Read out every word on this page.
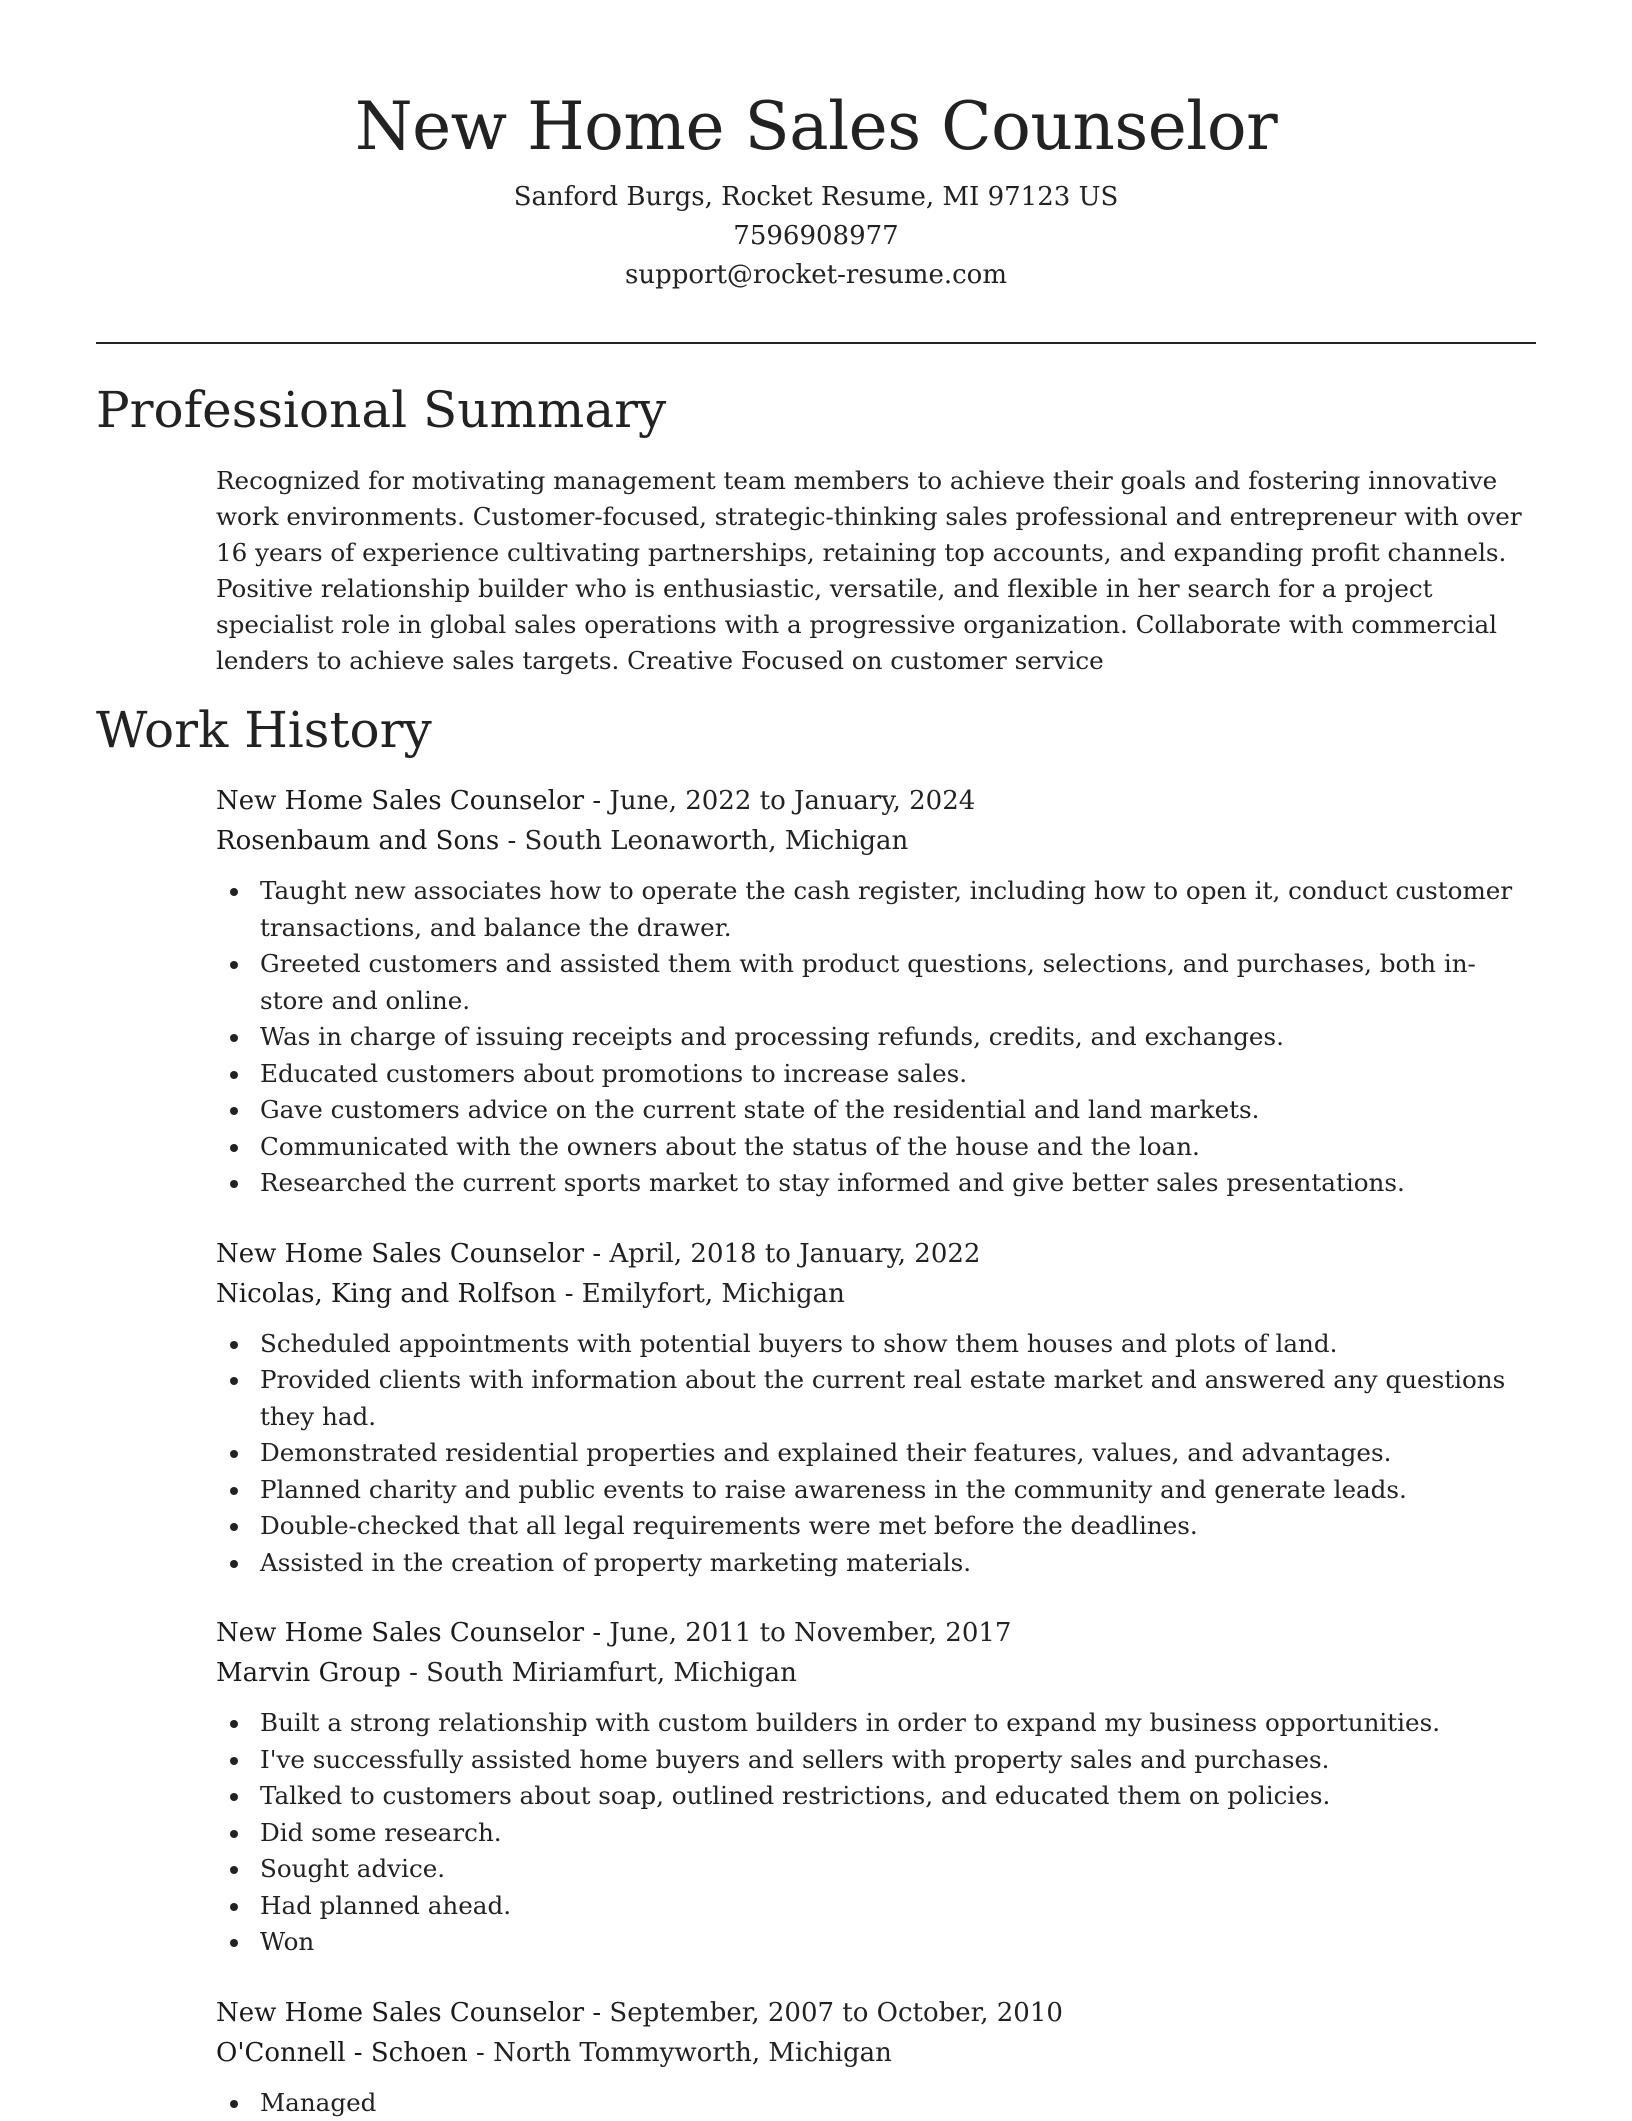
New Home Sales Counselor
Sanford Burgs, Rocket Resume, MI 97123 US
7596908977
support@rocket-resume.com
Professional Summary

Recognized for motivating management team members to achieve their goals and fostering innovative work environments. Customer-focused, strategic-thinking sales professional and entrepreneur with over 16 years of experience cultivating partnerships, retaining top accounts, and expanding profit channels. Positive relationship builder who is enthusiastic, versatile, and flexible in her search for a project specialist role in global sales operations with a progressive organization. Collaborate with commercial lenders to achieve sales targets. Creative Focused on customer service

Work History
New Home Sales Counselor - June, 2022 to January, 2024
Rosenbaum and Sons - South Leonaworth, Michigan
Taught new associates how to operate the cash register, including how to open it, conduct customer transactions, and balance the drawer.
Greeted customers and assisted them with product questions, selections, and purchases, both in-store and online.
Was in charge of issuing receipts and processing refunds, credits, and exchanges.
Educated customers about promotions to increase sales.
Gave customers advice on the current state of the residential and land markets.
Communicated with the owners about the status of the house and the loan.
Researched the current sports market to stay informed and give better sales presentations.
New Home Sales Counselor - April, 2018 to January, 2022
Nicolas, King and Rolfson - Emilyfort, Michigan
Scheduled appointments with potential buyers to show them houses and plots of land.
Provided clients with information about the current real estate market and answered any questions they had.
Demonstrated residential properties and explained their features, values, and advantages.
Planned charity and public events to raise awareness in the community and generate leads.
Double-checked that all legal requirements were met before the deadlines.
Assisted in the creation of property marketing materials.
New Home Sales Counselor - June, 2011 to November, 2017
Marvin Group - South Miriamfurt, Michigan
Built a strong relationship with custom builders in order to expand my business opportunities.
I've successfully assisted home buyers and sellers with property sales and purchases.
Talked to customers about soap, outlined restrictions, and educated them on policies.
Did some research.
Sought advice.
Had planned ahead.
Won
New Home Sales Counselor - September, 2007 to October, 2010
O'Connell - Schoen - North Tommyworth, Michigan
Managed
